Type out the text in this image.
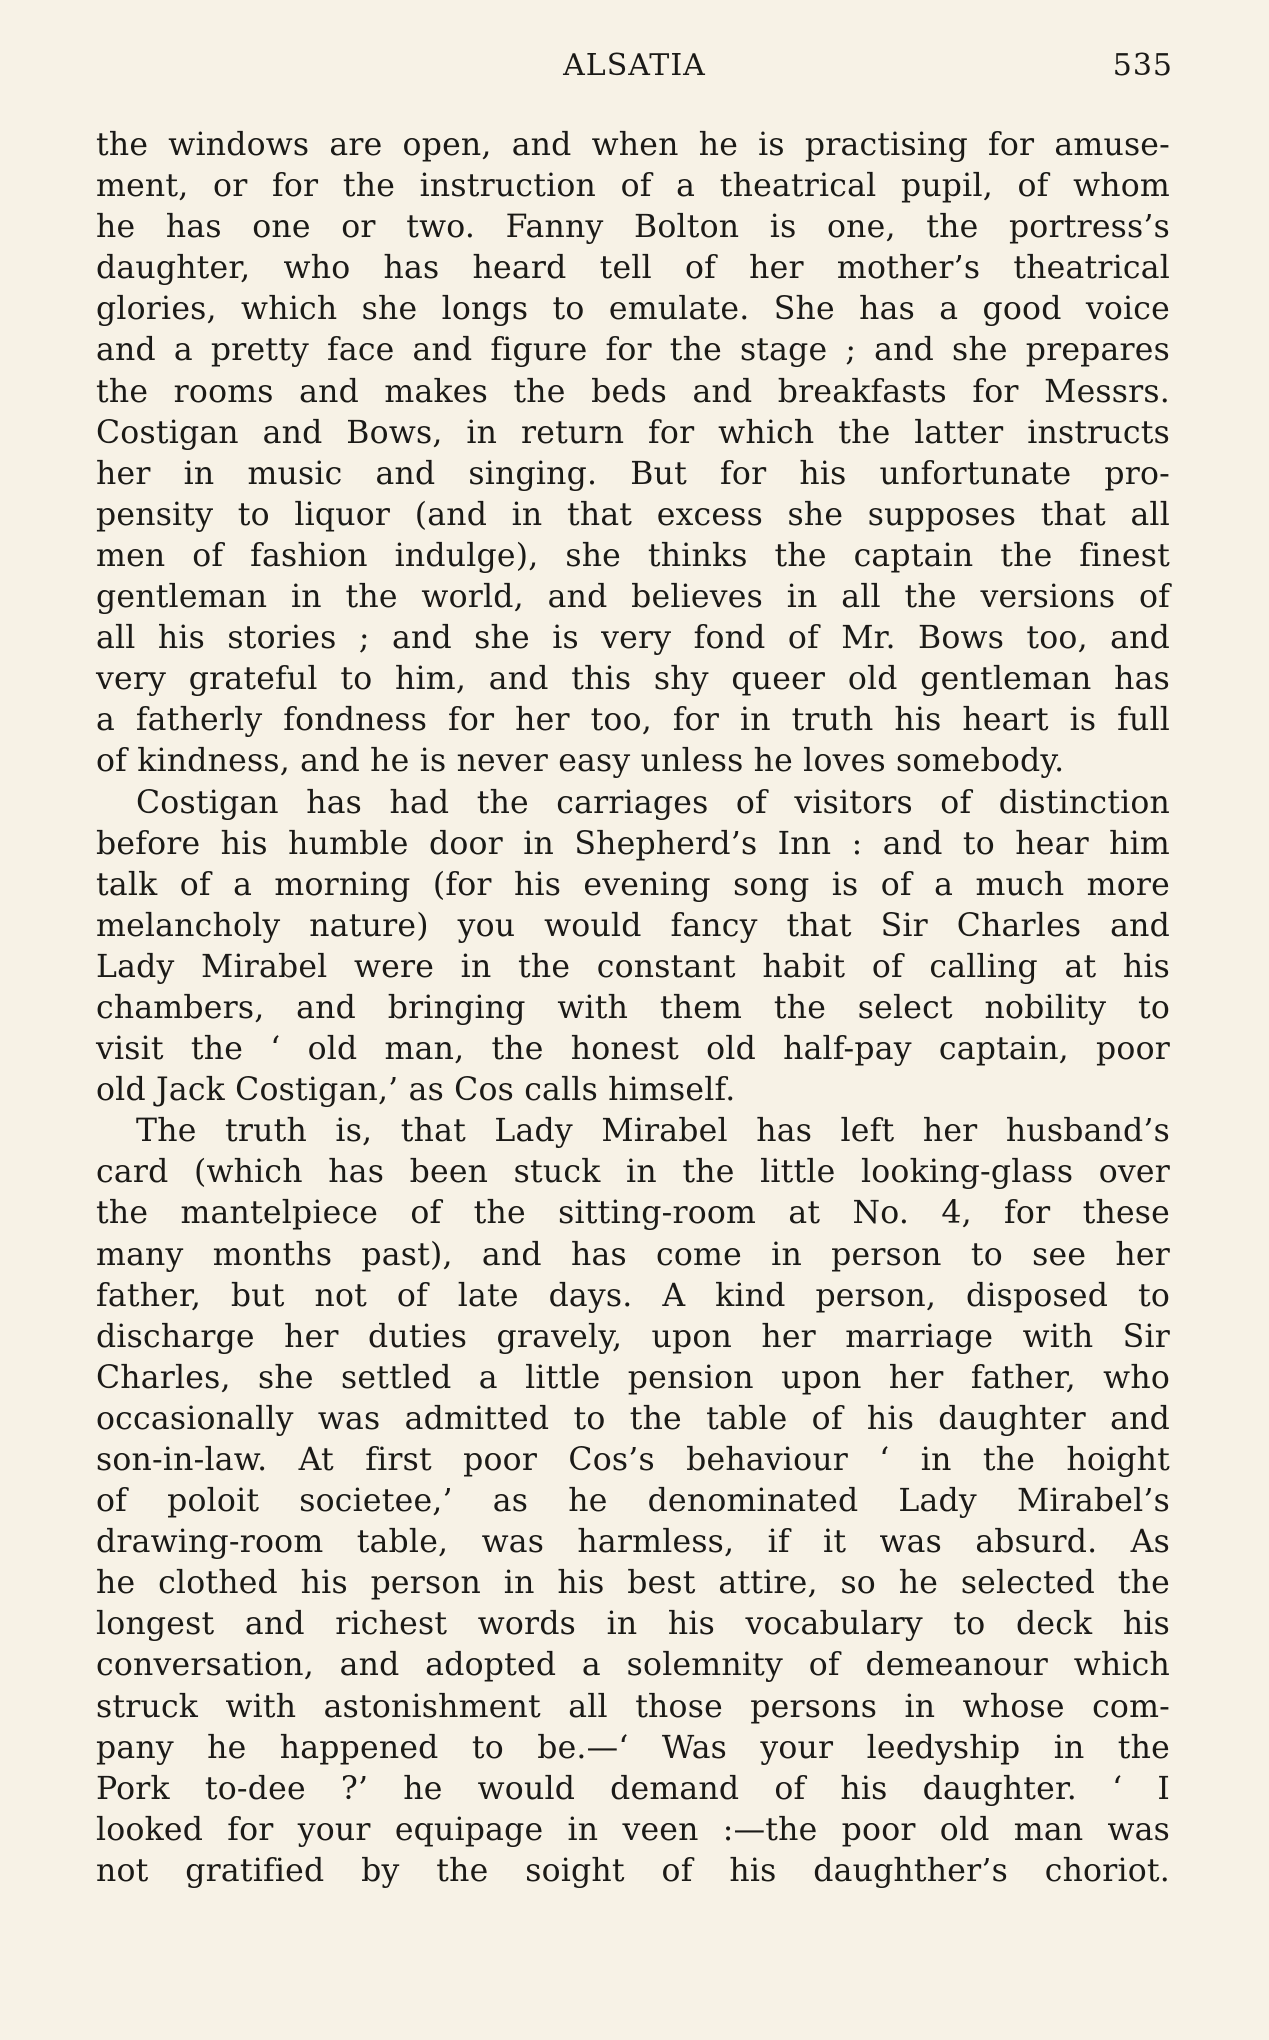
ALSATIA	535
the windows are open, and when he is practising for amuse-
ment, or for the instruction of a theatrical pupil, of whom
he has one or two. Fanny Bolton is one, the portress’s
daughter, who has heard tell of her mother’s theatrical
glories, which she longs to emulate. She has a good voice
and a pretty face and figure for the stage ; and she prepares
the rooms and makes the beds and breakfasts for Messrs.
Costigan and Bows, in return for which the latter instructs
her in music and singing. But for his unfortunate pro-
pensity to liquor (and in that excess she supposes that all
men of fashion indulge), she thinks the captain the finest
gentleman in the world, and believes in all the versions of
all his stories ; and she is very fond of Mr. Bows too, and
very grateful to him, and this shy queer old gentleman has
a fatherly fondness for her too, for in truth his heart is full
of kindness, and he is never easy unless he loves somebody.
Costigan has had the carriages of visitors of distinction
before his humble door in Shepherd’s Inn : and to hear him
talk of a morning (for his evening song is of a much more
melancholy nature) you would fancy that Sir Charles and
Lady Mirabel were in the constant habit of calling at his
chambers, and bringing with them the select nobility to
visit the ‘ old man, the honest old half-pay captain, poor
old Jack Costigan,’ as Cos calls himself.
The truth is, that Lady Mirabel has left her husband’s
card (which has been stuck in the little looking-glass over
the mantelpiece of the sitting-room at No. 4, for these
many months past), and has come in person to see her
father, but not of late days. A kind person, disposed to
discharge her duties gravely, upon her marriage with Sir
Charles, she settled a little pension upon her father, who
occasionally was admitted to the table of his daughter and
son-in-law. At first poor Cos’s behaviour ‘ in the hoight
of poloit societee,’ as he denominated Lady Mirabel’s
drawing-room table, was harmless, if it was absurd. As
he clothed his person in his best attire, so he selected the
longest and richest words in his vocabulary to deck his
conversation, and adopted a solemnity of demeanour which
struck with astonishment all those persons in whose com-
pany he happened to be.—‘ Was your leedyship in the
Pork to-dee ?’ he would demand of his daughter. ‘ I
looked for your equipage in veen :—the poor old man was
not gratified by the soight of his daughther’s choriot.
